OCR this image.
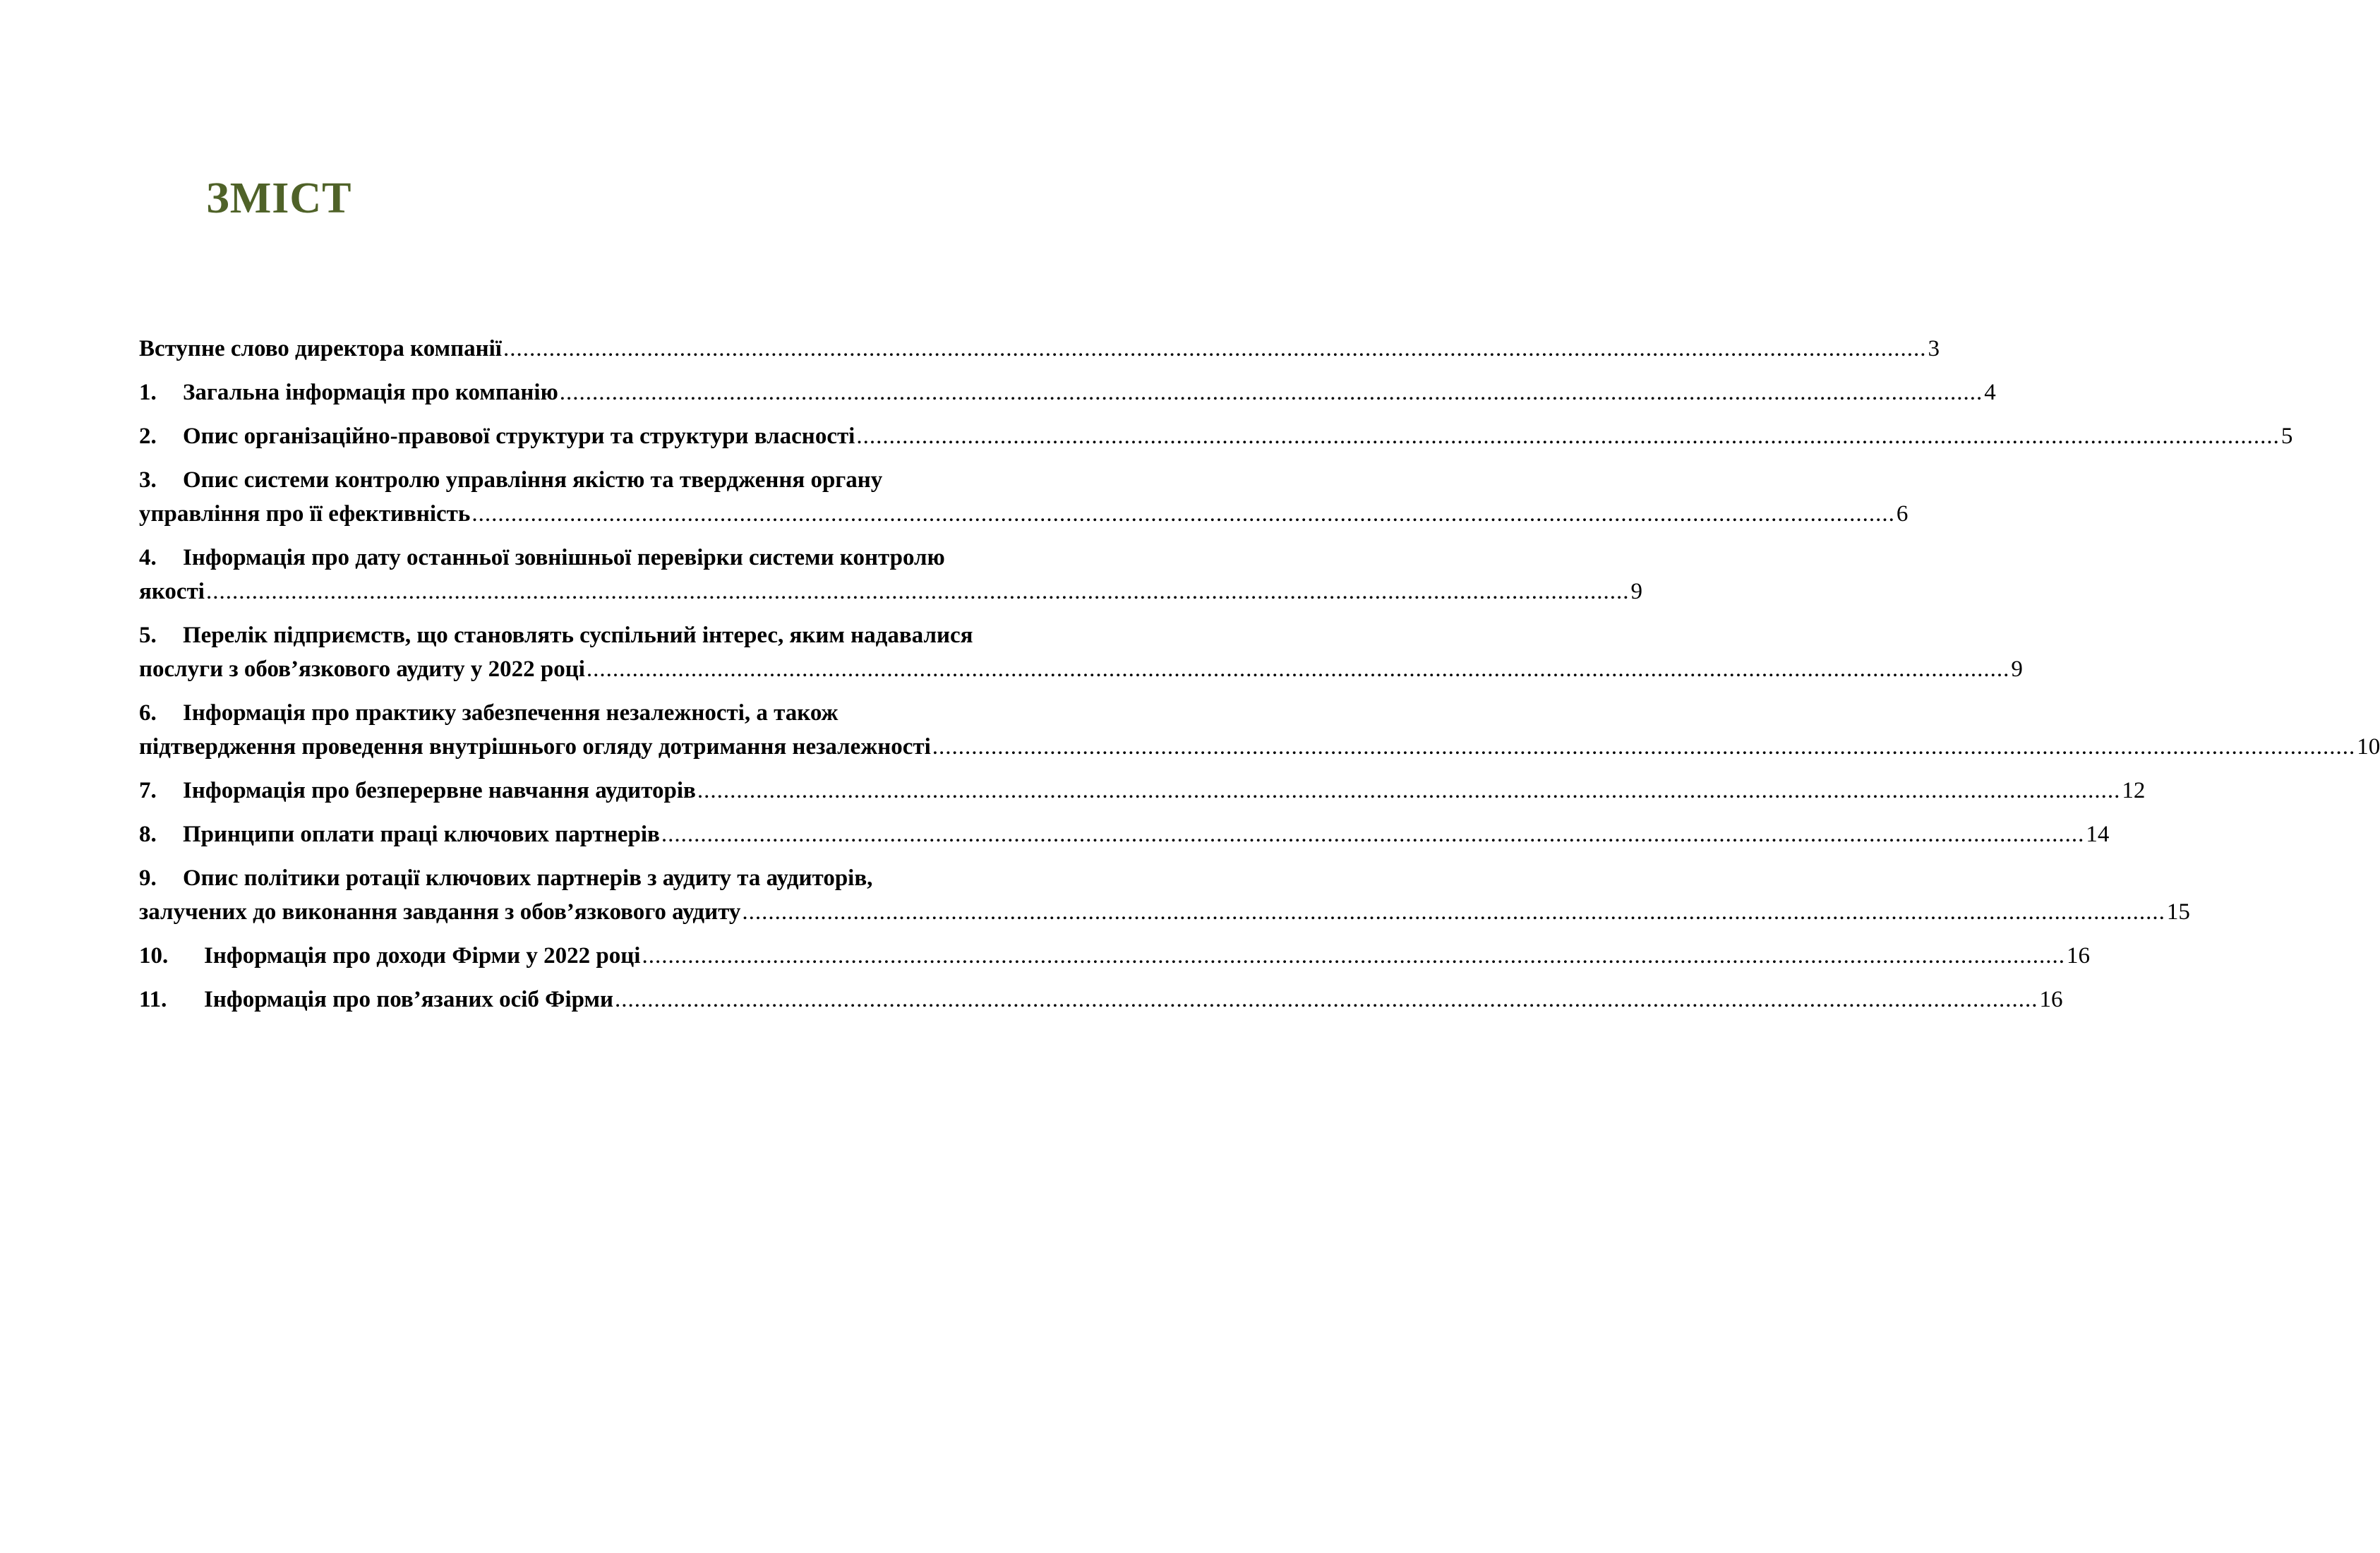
ЗМІСТ
Вступне слово директора компанії .....	3
1.	Загальна інформація про компанію .....	4
2.	Опис організаційно-правової структури та структури власності .....	5
3.	Опис системи контролю управління якістю та твердження органу
управління про її ефективність .....	6
4.	Інформація про дату останньої зовнішньої перевірки системи контролю
якості .....	9
5.	Перелік підприємств, що становлять суспільний інтерес, яким надавалися
послуги з обов’язкового аудиту у 2022 році .....	9
6.	Інформація про практику забезпечення незалежності, а також
підтвердження проведення внутрішнього огляду дотримання незалежності .....	10
7.	Інформація про безперервне навчання аудиторів .....	12
8.	Принципи оплати праці ключових партнерів .....	14
9.	Опис політики ротації ключових партнерів з аудиту та аудиторів,
залучених до виконання завдання з обов’язкового аудиту .....	15
10.	Інформація про доходи Фірми у 2022 році .....	16
11.	Інформація про пов’язаних осіб Фірми .....	16
